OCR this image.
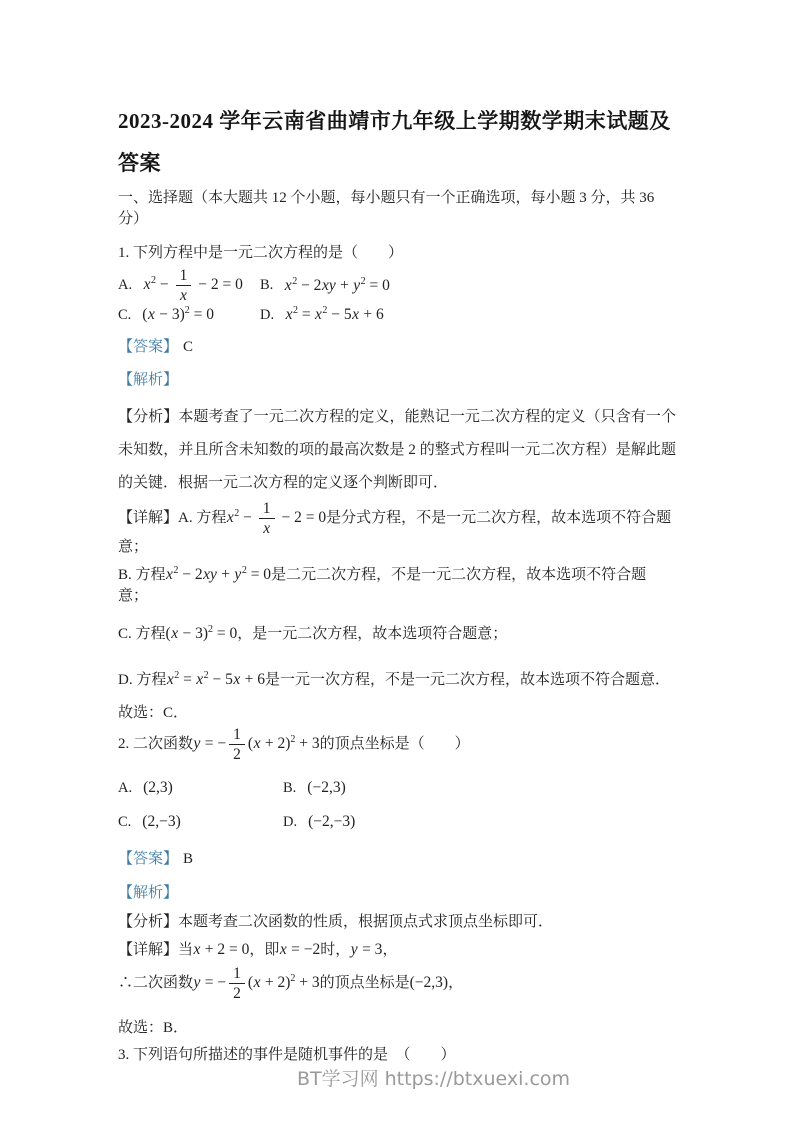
2023-2024 学年云南省曲靖市九年级上学期数学期末试题及
答案

一、选择题（本大题共 12 个小题，每小题只有一个正确选项，每小题 3 分，共 36 分）

1. 下列方程中是一元二次方程的是（　　）

A. $x^2 - \frac{1}{x} - 2 = 0$ B. $x^2 - 2xy + y^2 = 0$
C. $(x - 3)^2 = 0$	D. $x^2 = x^2 - 5x + 6$

【答案】 C

【解析】

【分析】本题考查了一元二次方程的定义，能熟记一元二次方程的定义（只含有一个未知数，并且所含未知数的项的最高次数是 2 的整式方程叫一元二次方程）是解此题的关键．根据一元二次方程的定义逐个判断即可．

【详解】A. 方程$x^2 - \frac{1}{x} - 2 = 0$是分式方程，不是一元二次方程，故本选项不符合题意；

B. 方程$x^2 - 2xy + y^2 = 0$是二元二次方程，不是一元二次方程，故本选项不符合题意；

C. 方程$(x - 3)^2 = 0$，是一元二次方程，故本选项符合题意；

D. 方程$x^2 = x^2 - 5x + 6$是一元一次方程，不是一元二次方程，故本选项不符合题意．

故选：C．

2. 二次函数y = − $\frac{1}{2} (x + 2)^2 + 3$的顶点坐标是（　　）

A. (2,3)	B. (−2,3)
C. (2,−3)	D. (−2,−3)

【答案】 B

【解析】

【分析】本题考查二次函数的性质，根据顶点式求顶点坐标即可．

【详解】当x + 2 = 0，即x = −2时，y = 3，

∴二次函数y = − $\frac{1}{2} (x + 2)^2 + 3$的顶点坐标是(−2,3)，

故选：B．

3. 下列语句所描述的事件是随机事件的是　（　　）

BT学习网 https://btxuexi.com
